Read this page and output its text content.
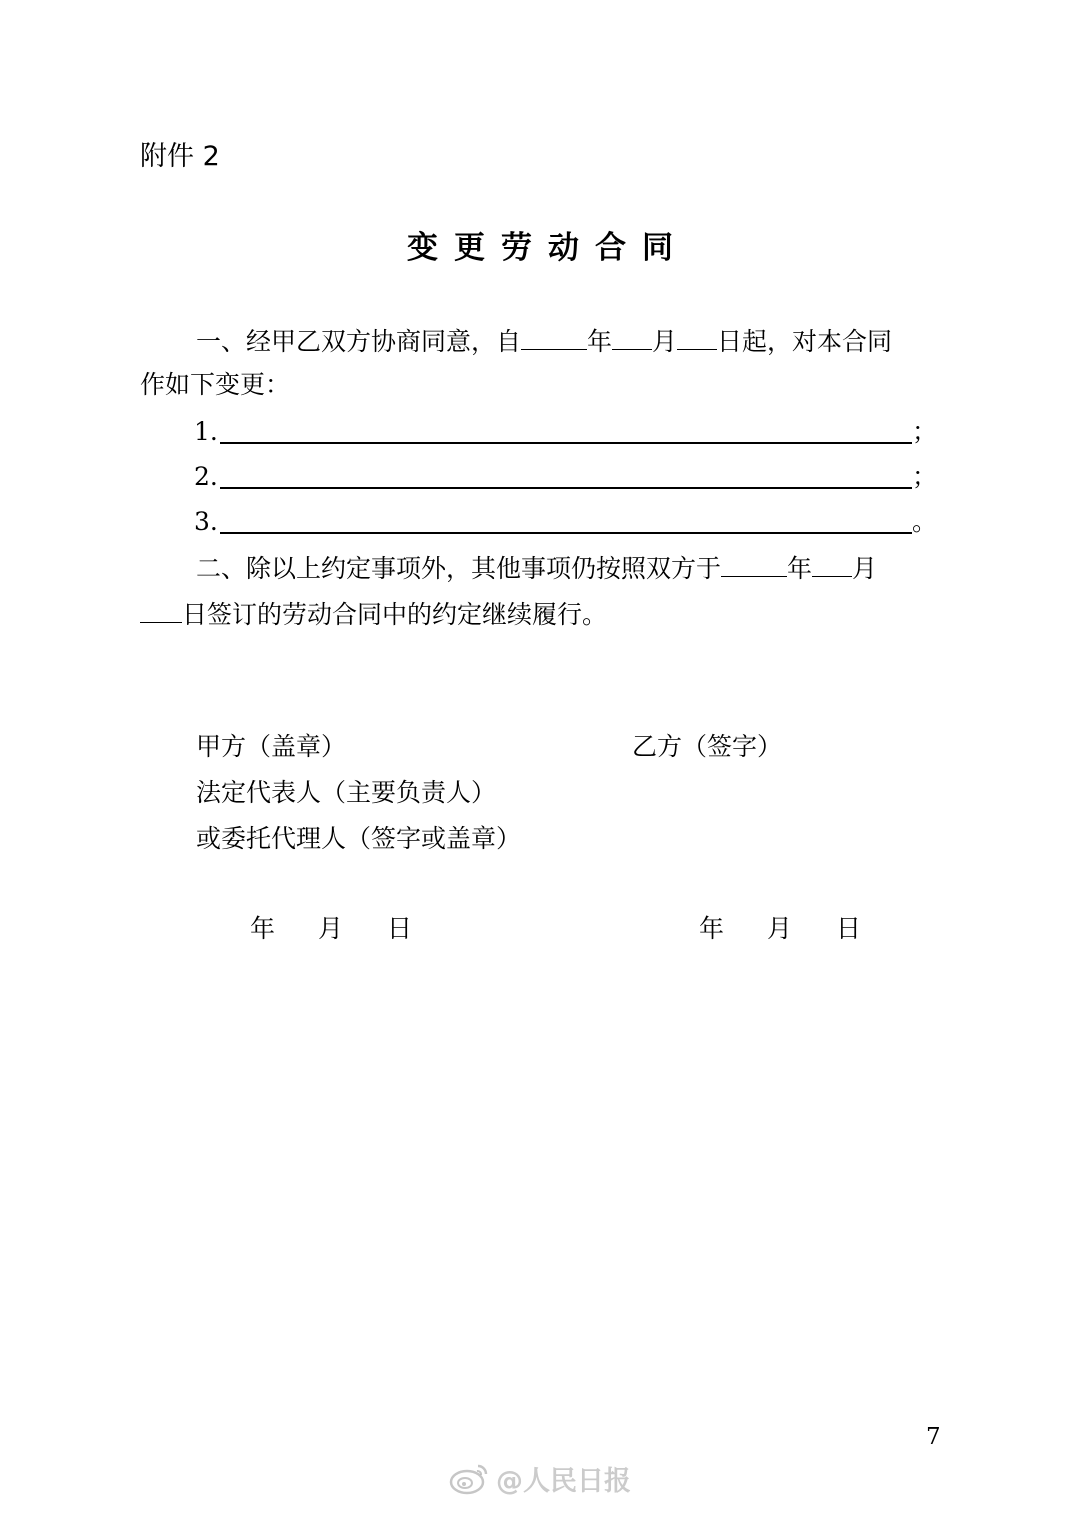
附件 2
变更劳动合同
一、经甲乙双方协商同意，自	年 月 日起，对本合同
作如下变更：
1.	；
2.	；
3.	。
二、除以上约定事项外，其他事项仍按照双方于	年 月
日签订的劳动合同中的约定继续履行。
甲方（盖章）	乙方（签字）
法定代表人（主要负责人）
或委托代理人（签字或盖章）
年 月 日	年 月 日
7
@人民日报
